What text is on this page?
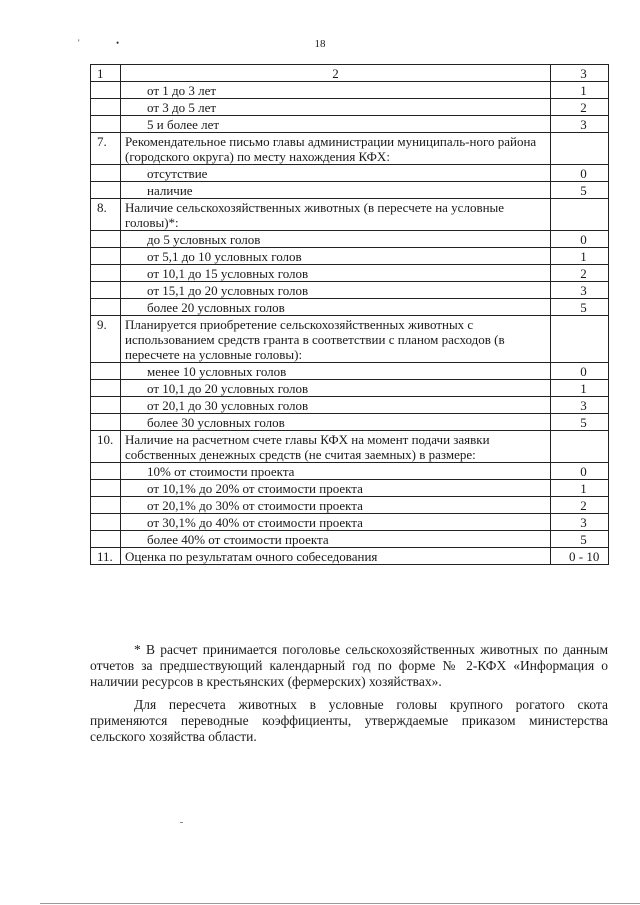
'	•	18
1	2	3
	от 1 до 3 лет	1
	от 3 до 5 лет	2
	5 и более лет	3
7.	Рекомендательное письмо главы администрации муниципаль-ного района (городского округа) по месту нахождения КФХ:	
	отсутствие	0
	наличие	5
8.	Наличие сельскохозяйственных животных (в пересчете на условные головы)*:	
	до 5 условных голов	0
	от 5,1 до 10 условных голов	1
	от 10,1 до 15 условных голов	2
	от 15,1 до 20 условных голов	3
	более 20 условных голов	5
9.	Планируется приобретение сельскохозяйственных животных с использованием средств гранта в соответствии с планом расходов (в пересчете на условные головы):	
	менее 10 условных голов	0
	от 10,1 до 20 условных голов	1
	от 20,1 до 30 условных голов	3
	более 30 условных голов	5
10.	Наличие на расчетном счете главы КФХ на момент подачи заявки собственных денежных средств (не считая заемных) в размере:	
	10% от стоимости проекта	0
	от 10,1% до 20% от стоимости проекта	1
	от 20,1% до 30% от стоимости проекта	2
	от 30,1% до 40% от стоимости проекта	3
	более 40% от стоимости проекта	5
11.	Оценка по результатам очного собеседования	0 - 10

* В расчет принимается поголовье сельскохозяйственных животных по данным отчетов за предшествующий календарный год по форме № 2-КФХ «Информация о наличии ресурсов в крестьянских (фермерских) хозяйствах».

Для пересчета животных в условные головы крупного рогатого скота применяются переводные коэффициенты, утверждаемые приказом министерства сельского хозяйства области.
